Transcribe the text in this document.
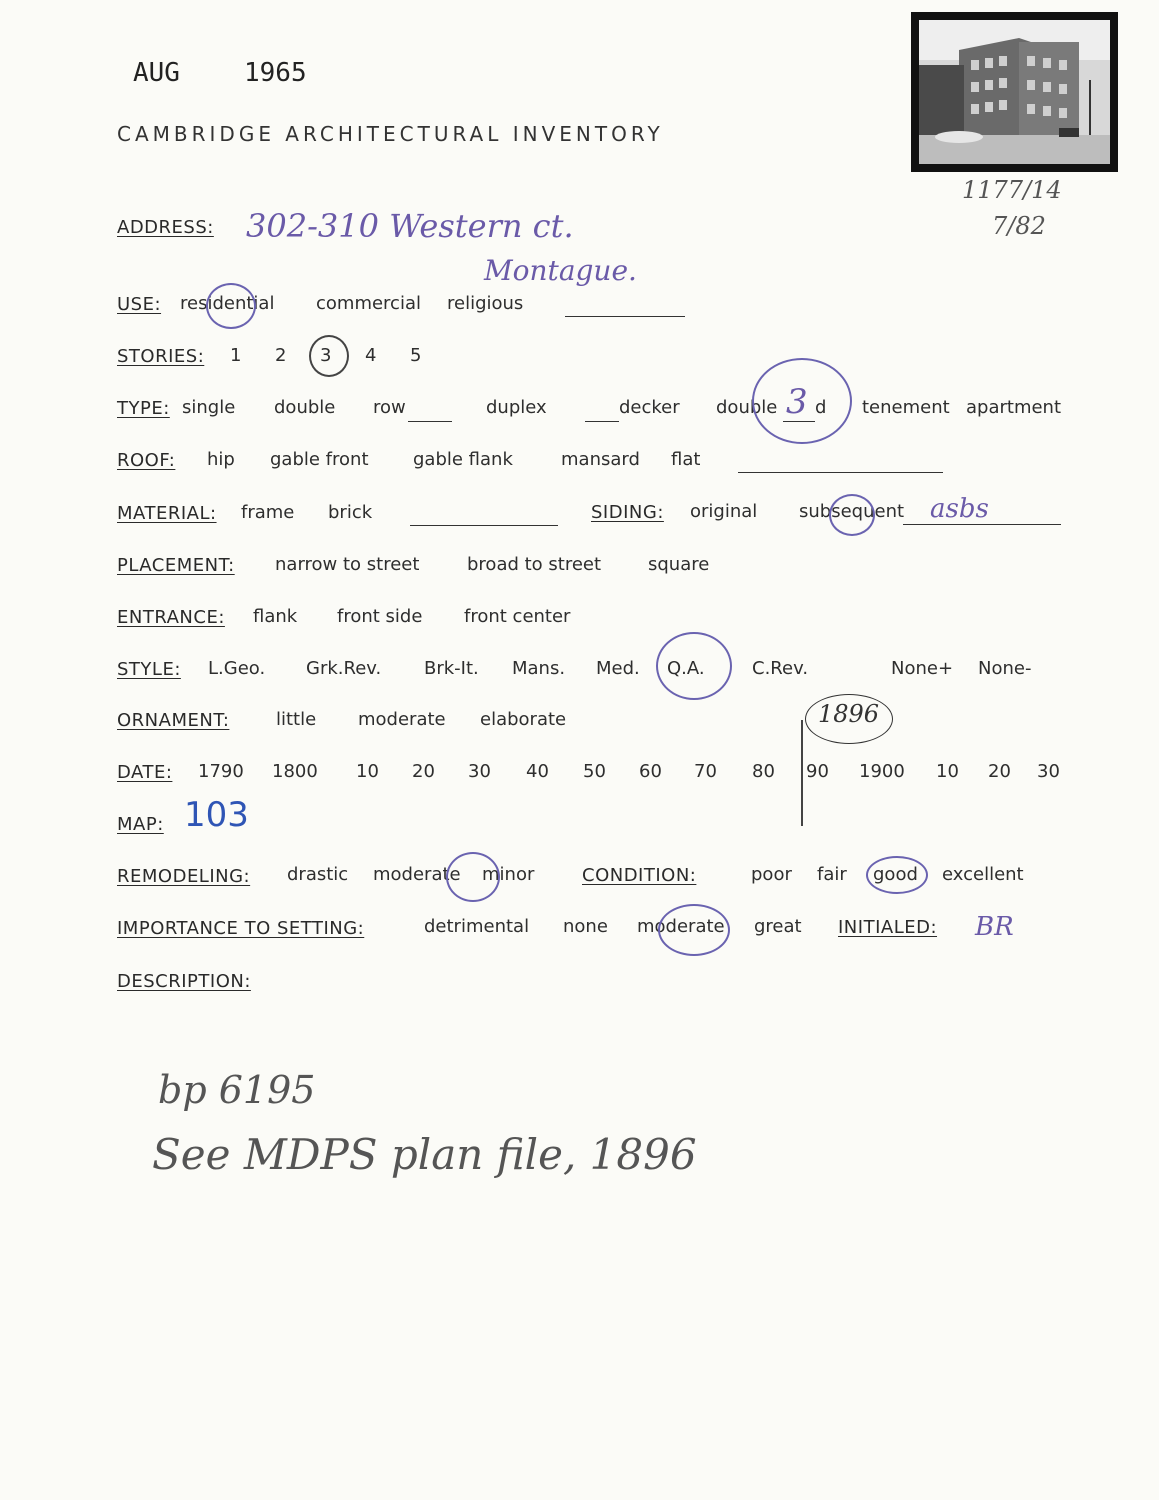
AUG 1965
CAMBRIDGE ARCHITECTURAL INVENTORY
1177/14
7/82
ADDRESS: 302-310 Western ct.
Montague.
USE: residential commercial religious
STORIES: 1 2 3 4 5
TYPE: single double row	duplex	decker double 3 d tenement apartment
ROOF: hip gable front gable flank	mansard flat
MATERIAL: frame brick	SIDING: original subsequent asbs
PLACEMENT: narrow to street	broad to street	square
ENTRANCE: flank front side front center
STYLE: L.Geo. Grk.Rev. Brk-It. Mans. Med. Q.A.	C.Rev.	None+ None-
ORNAMENT:	little moderate elaborate	1896
DATE: 1790 1800 10 20 30 40 50 60 70 80 90 1900 10 20 30
MAP: 103
REMODELING: drastic moderate minor	CONDITION:	poor fair good excellent
IMPORTANCE TO SETTING:	detrimental none moderate great INITIALED: BR
DESCRIPTION:
bp 6195
See MDPS plan file, 1896
